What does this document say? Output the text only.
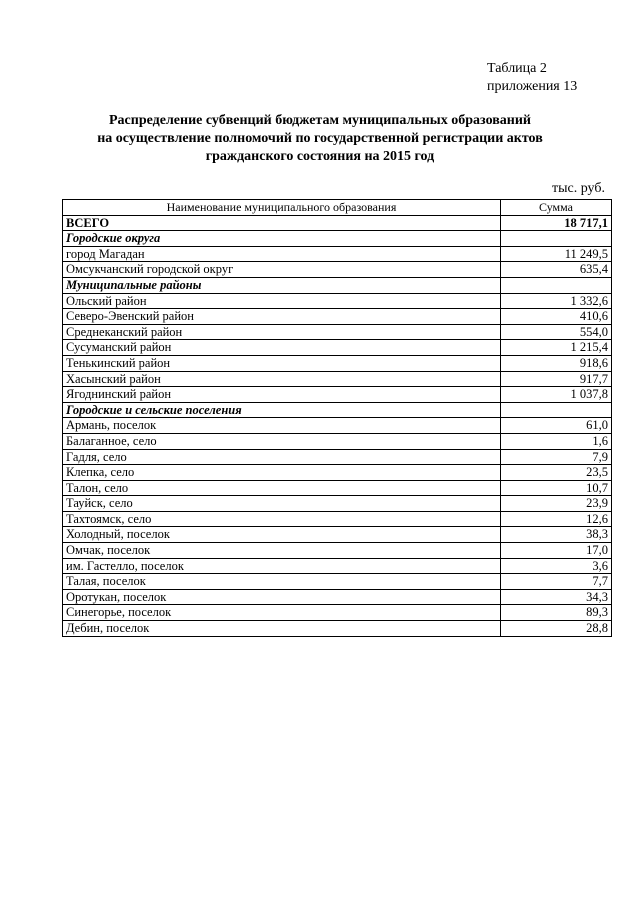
Таблица 2
приложения 13
Распределение субвенций бюджетам муниципальных образований
на осуществление полномочий по государственной регистрации актов
гражданского состояния на 2015 год
тыс. руб.
Наименование муниципального образования	Сумма
ВСЕГО	18 717,1
Городские округа	
город Магадан	11 249,5
Омсукчанский городской округ	635,4
Муниципальные районы	
Ольский район	1 332,6
Северо-Эвенский район	410,6
Среднеканский район	554,0
Сусуманский район	1 215,4
Тенькинский район	918,6
Хасынский район	917,7
Ягоднинский район	1 037,8
Городские и сельские поселения	
Армань, поселок	61,0
Балаганное, село	1,6
Гадля, село	7,9
Клепка, село	23,5
Талон, село	10,7
Тауйск, село	23,9
Тахтоямск, село	12,6
Холодный, поселок	38,3
Омчак, поселок	17,0
им. Гастелло, поселок	3,6
Талая, поселок	7,7
Оротукан, поселок	34,3
Синегорье, поселок	89,3
Дебин, поселок	28,8
